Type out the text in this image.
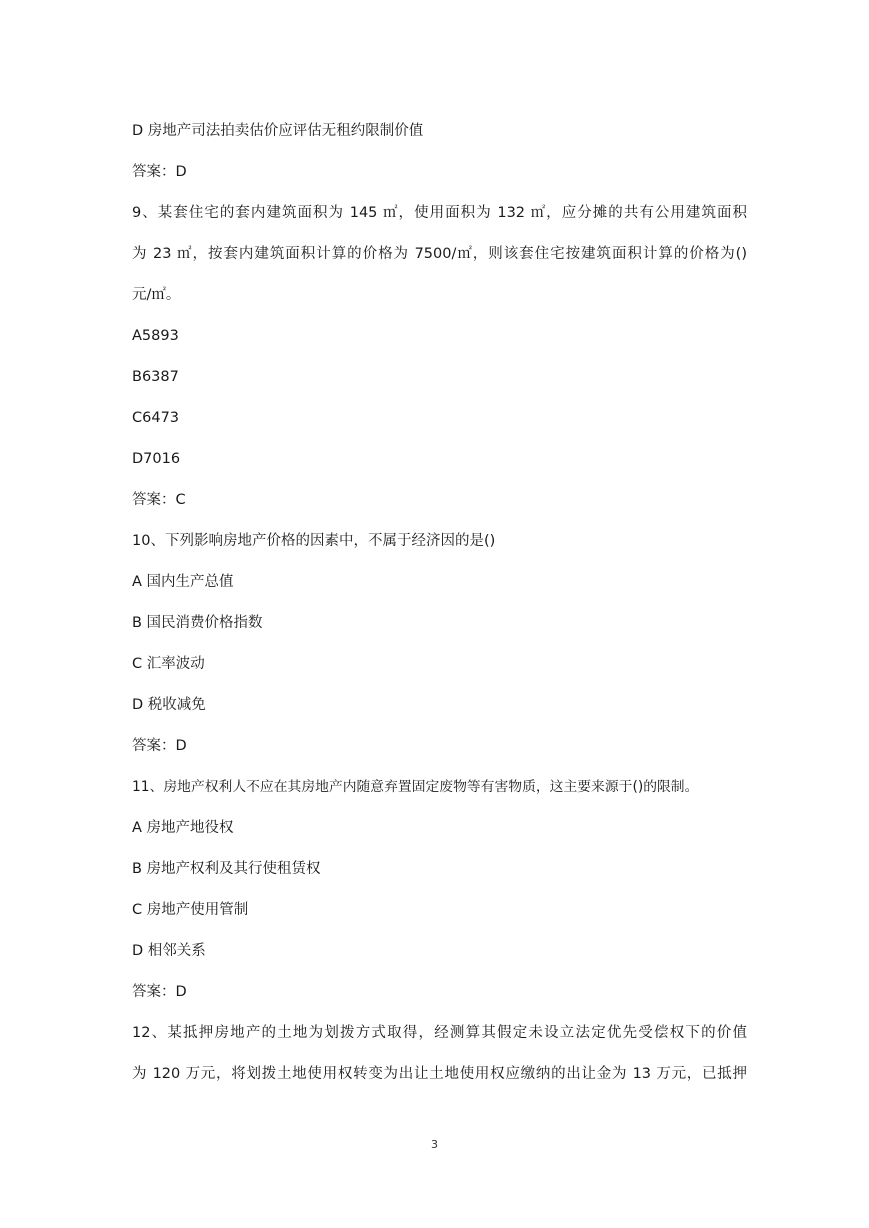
D 房地产司法拍卖估价应评估无租约限制价值
答案：D
9、某套住宅的套内建筑面积为 145 ㎡，使用面积为 132 ㎡，应分摊的共有公用建筑面积
为 23 ㎡，按套内建筑面积计算的价格为 7500/㎡，则该套住宅按建筑面积计算的价格为()
元/㎡。
A5893
B6387
C6473
D7016
答案：C
10、下列影响房地产价格的因素中，不属于经济因的是()
A 国内生产总值
B 国民消费价格指数
C 汇率波动
D 税收减免
答案：D
11、房地产权利人不应在其房地产内随意弃置固定废物等有害物质，这主要来源于()的限制。
A 房地产地役权
B 房地产权利及其行使租赁权
C 房地产使用管制
D 相邻关系
答案：D
12、某抵押房地产的土地为划拨方式取得，经测算其假定未设立法定优先受偿权下的价值
为 120 万元，将划拨土地使用权转变为出让土地使用权应缴纳的出让金为 13 万元，已抵押
3
